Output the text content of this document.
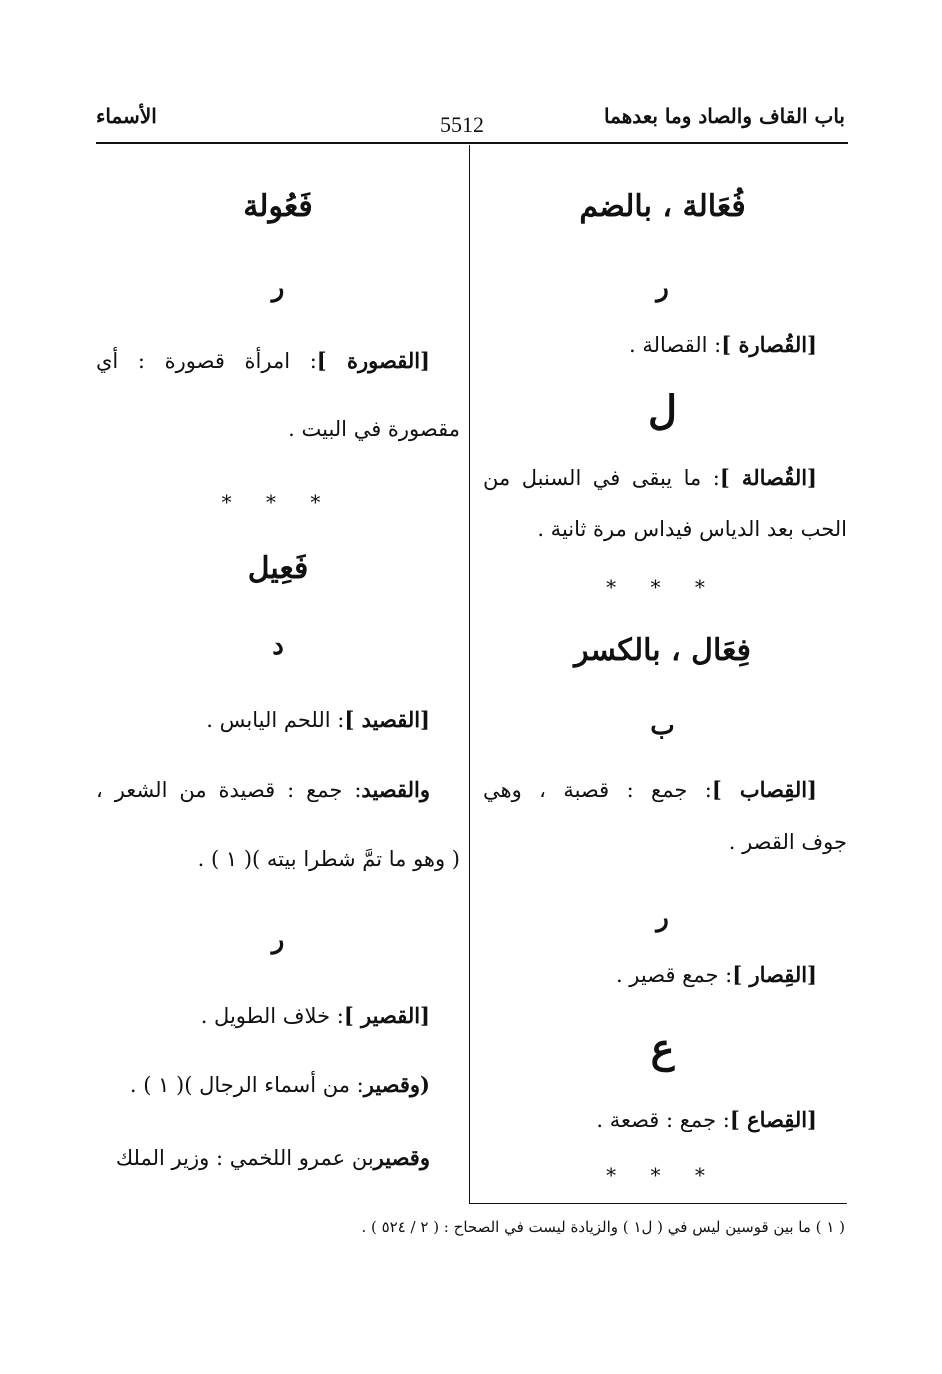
باب القاف والصاد وما بعدهما
5512
الأسماء
فُعَالة ، بالضم
ر
[القُصارة ]: القصالة .
ل
[القُصالة ]: ما يبقى في السنبل من
الحب بعد الدياس فيداس مرة ثانية .
* * *
فِعَال ، بالكسر
ب
[القِصاب ]: جمع : قصبة ، وهي
جوف القصر .
ر
[القِصار ]: جمع قصير .
ع
[القِصاع ]: جمع : قصعة .
* * *
فَعُولة
ر
[القصورة ]: امرأة قصورة : أي
مقصورة في البيت .
* * *
فَعِيل
د
[القصيد ]: اللحم اليابس .
والقصيد: جمع : قصيدة من الشعر ،
( وهو ما تمَّ شطرا بيته )( ١ ) .
ر
[القصير ]: خلاف الطويل .
(وقصير: من أسماء الرجال )( ١ ) .
وقصيربن عمرو اللخمي : وزير الملك
( ١ ) ما بين قوسين ليس في ( ل١ ) والزيادة ليست في الصحاح : ( ٢ / ٥٢٤ ) .
